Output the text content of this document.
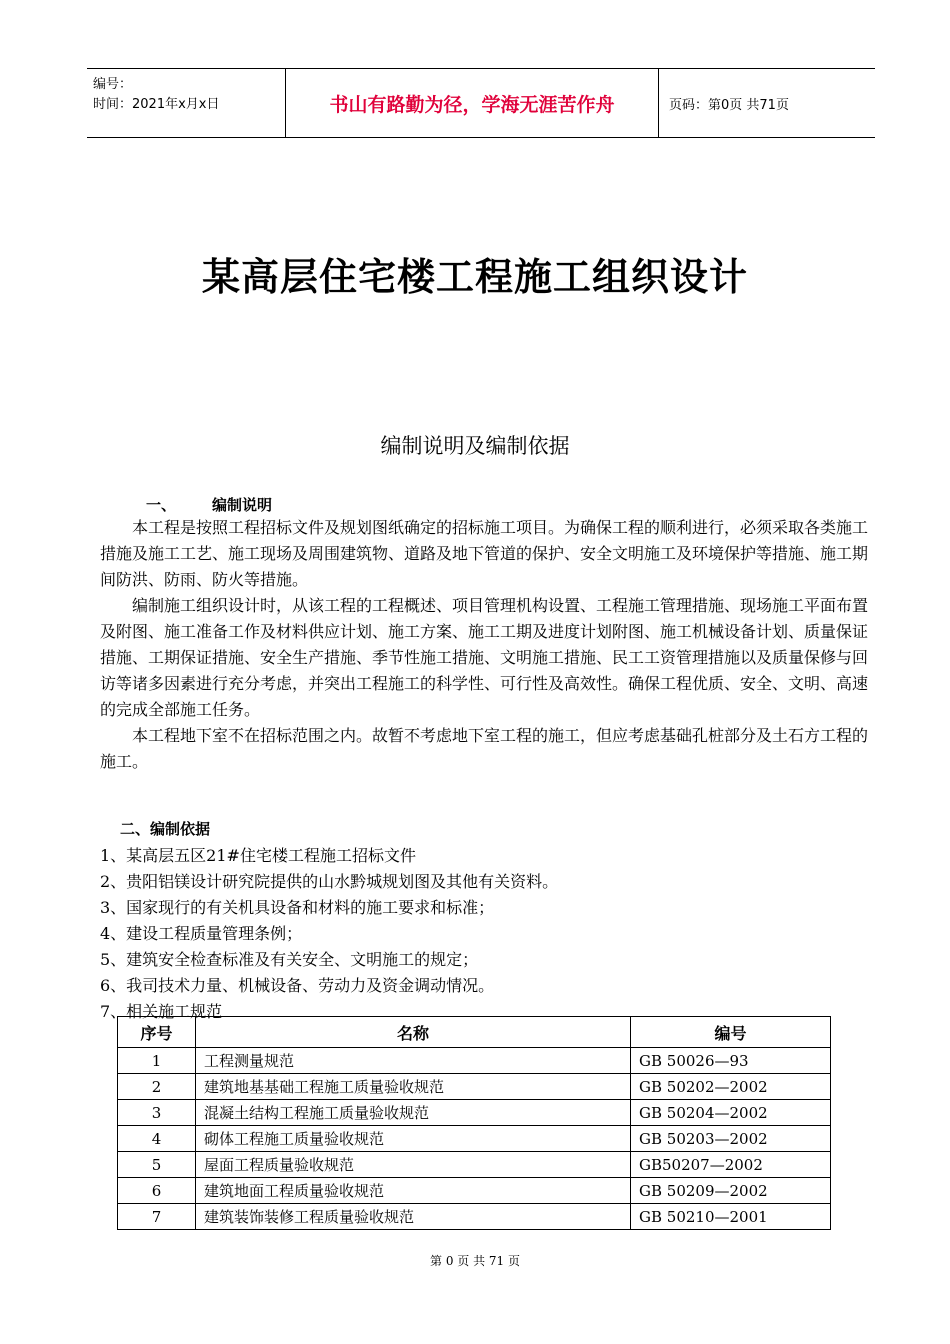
编号：
时间：2021年x月x日	书山有路勤为径，学海无涯苦作舟	页码：第0页 共71页
某高层住宅楼工程施工组织设计
编制说明及编制依据
一、 编制说明

本工程是按照工程招标文件及规划图纸确定的招标施工项目。为确保工程的顺利进行，必须采取各类施工措施及施工工艺、施工现场及周围建筑物、道路及地下管道的保护、安全文明施工及环境保护等措施、施工期间防洪、防雨、防火等措施。

编制施工组织设计时，从该工程的工程概述、项目管理机构设置、工程施工管理措施、现场施工平面布置及附图、施工准备工作及材料供应计划、施工方案、施工工期及进度计划附图、施工机械设备计划、质量保证措施、工期保证措施、安全生产措施、季节性施工措施、文明施工措施、民工工资管理措施以及质量保修与回访等诸多因素进行充分考虑，并突出工程施工的科学性、可行性及高效性。确保工程优质、安全、文明、高速的完成全部施工任务。

本工程地下室不在招标范围之内。故暂不考虑地下室工程的施工，但应考虑基础孔桩部分及土石方工程的施工。

二、编制依据
1、某高层五区21#住宅楼工程施工招标文件
2、贵阳铝镁设计研究院提供的山水黔城规划图及其他有关资料。
3、国家现行的有关机具设备和材料的施工要求和标准；
4、建设工程质量管理条例；
5、建筑安全检查标准及有关安全、文明施工的规定；
6、我司技术力量、机械设备、劳动力及资金调动情况。
7、相关施工规范
序号	名称	编号
1	工程测量规范	GB 50026—93
2	建筑地基基础工程施工质量验收规范	GB 50202—2002
3	混凝土结构工程施工质量验收规范	GB 50204—2002
4	砌体工程施工质量验收规范	GB 50203—2002
5	屋面工程质量验收规范	GB50207—2002
6	建筑地面工程质量验收规范	GB 50209—2002
7	建筑装饰装修工程质量验收规范	GB 50210—2001
第 0 页 共 71 页
